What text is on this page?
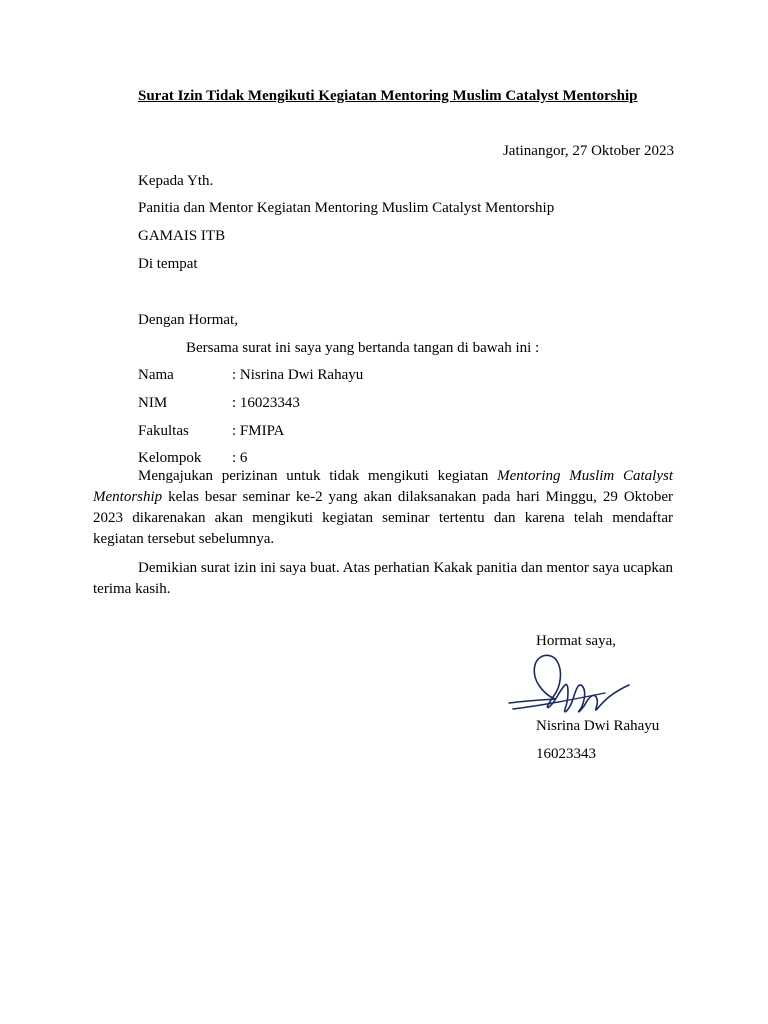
Surat Izin Tidak Mengikuti Kegiatan Mentoring Muslim Catalyst Mentorship
Jatinangor, 27 Oktober 2023
Kepada Yth.
Panitia dan Mentor Kegiatan Mentoring Muslim Catalyst Mentorship
GAMAIS ITB
Di tempat
Dengan Hormat,
Bersama surat ini saya yang bertanda tangan di bawah ini :
Nama	: Nisrina Dwi Rahayu
NIM	: 16023343
Fakultas	: FMIPA
Kelompok : 6
Mengajukan perizinan untuk tidak mengikuti kegiatan Mentoring Muslim Catalyst Mentorship kelas besar seminar ke-2 yang akan dilaksanakan pada hari Minggu, 29 Oktober 2023 dikarenakan akan mengikuti kegiatan seminar tertentu dan karena telah mendaftar kegiatan tersebut sebelumnya.
Demikian surat izin ini saya buat. Atas perhatian Kakak panitia dan mentor saya ucapkan terima kasih.
Hormat saya,
Nisrina Dwi Rahayu
16023343
